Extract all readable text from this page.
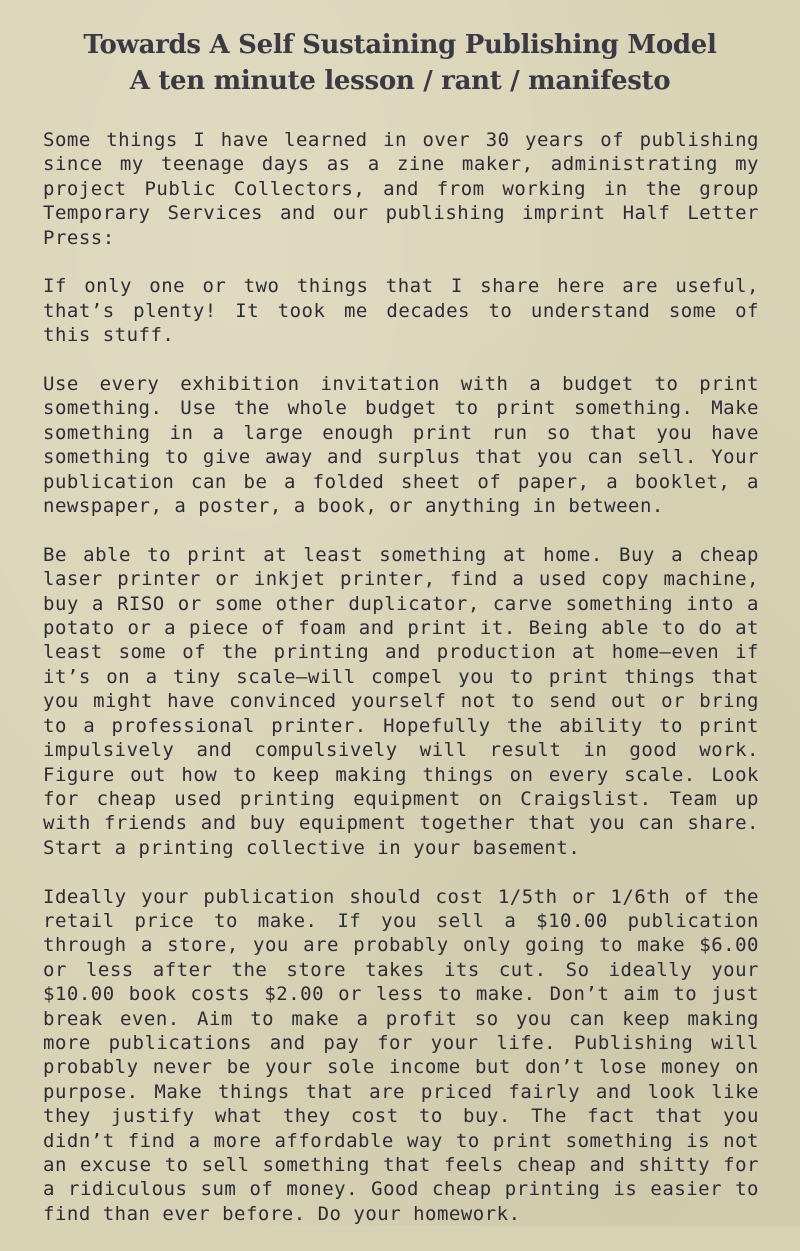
Towards A Self Sustaining Publishing Model
A ten minute lesson / rant / manifesto

Some things I have learned in over 30 years of publishing since my teenage days as a zine maker, administrating my project Public Collectors, and from working in the group Temporary Services and our publishing imprint Half Letter Press:

If only one or two things that I share here are useful, that’s plenty! It took me decades to understand some of this stuff.

Use every exhibition invitation with a budget to print something. Use the whole budget to print something. Make something in a large enough print run so that you have something to give away and surplus that you can sell. Your publication can be a folded sheet of paper, a booklet, a newspaper, a poster, a book, or anything in between.

Be able to print at least something at home. Buy a cheap laser printer or inkjet printer, find a used copy machine, buy a RISO or some other duplicator, carve something into a potato or a piece of foam and print it. Being able to do at least some of the printing and production at home—even if it’s on a tiny scale—will compel you to print things that you might have convinced yourself not to send out or bring to a professional printer. Hopefully the ability to print impulsively and compulsively will result in good work. Figure out how to keep making things on every scale. Look for cheap used printing equipment on Craigslist. Team up with friends and buy equipment together that you can share. Start a printing collective in your basement.

Ideally your publication should cost 1/5th or 1/6th of the retail price to make. If you sell a $10.00 publication through a store, you are probably only going to make $6.00 or less after the store takes its cut. So ideally your $10.00 book costs $2.00 or less to make. Don’t aim to just break even. Aim to make a profit so you can keep making more publications and pay for your life. Publishing will probably never be your sole income but don’t lose money on purpose. Make things that are priced fairly and look like they justify what they cost to buy. The fact that you didn’t find a more affordable way to print something is not an excuse to sell something that feels cheap and shitty for a ridiculous sum of money. Good cheap printing is easier to find than ever before. Do your homework.
